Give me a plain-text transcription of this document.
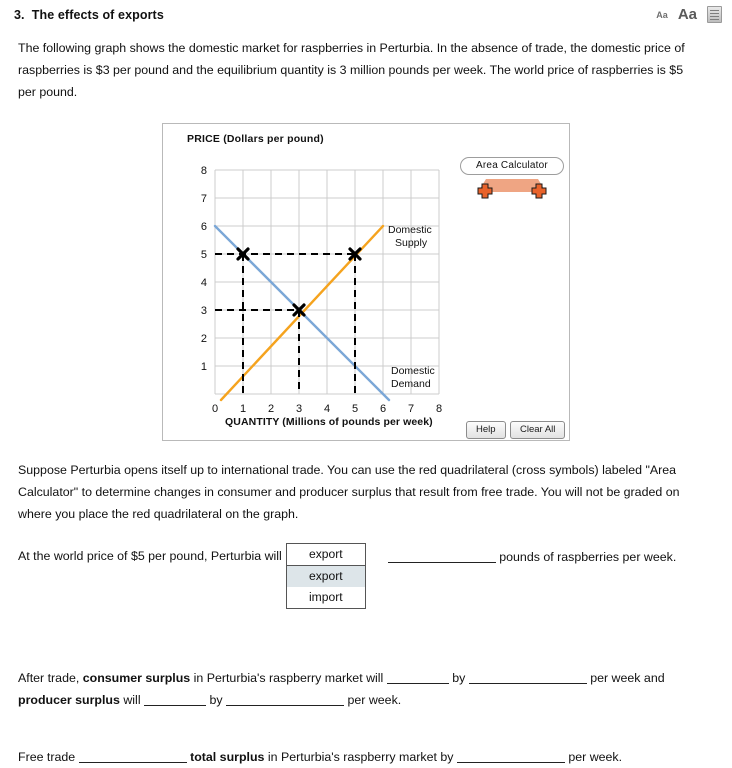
3. The effects of exports	Aa Aa
The following graph shows the domestic market for raspberries in Perturbia. In the absence of trade, the domestic price of raspberries is $3 per pound and the equilibrium quantity is 3 million pounds per week. The world price of raspberries is $5 per pound.
PRICE (Dollars per pound)
8
7
6
5
4
3
2
1
0 1 2 3 4 5 6 7 8
Domestic
Supply
Domestic
Demand
QUANTITY (Millions of pounds per week)
Area Calculator
Help	Clear All
Suppose Perturbia opens itself up to international trade. You can use the red quadrilateral (cross symbols) labeled "Area Calculator" to determine changes in consumer and producer surplus that result from free trade. You will not be graded on where you place the red quadrilateral on the graph.
At the world price of $5 per pound, Perturbia will	export
export
import
pounds of raspberries per week.
After trade, consumer surplus in Perturbia's raspberry market will	by	per week and
producer surplus will	by	per week.
Free trade	total surplus in Perturbia's raspberry market by	per week.
